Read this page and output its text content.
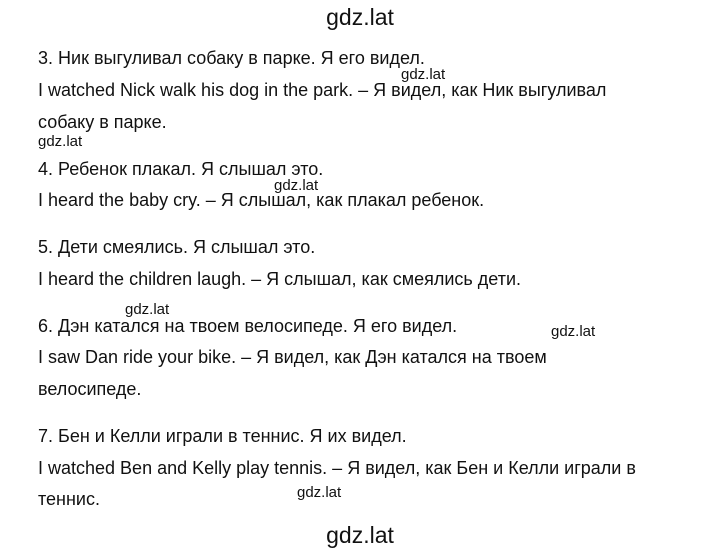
gdz.lat
3. Ник выгуливал собаку в парке. Я его видел.
I watched Nick walk his dog in the park. – Я видел, как Ник выгуливал
собаку в парке.
4. Ребенок плакал. Я слышал это.
I heard the baby cry. – Я слышал, как плакал ребенок.
5. Дети смеялись. Я слышал это.
I heard the children laugh. – Я слышал, как смеялись дети.
6. Дэн катался на твоем велосипеде. Я его видел.
I saw Dan ride your bike. – Я видел, как Дэн катался на твоем
велосипеде.
7. Бен и Келли играли в теннис. Я их видел.
I watched Ben and Kelly play tennis. – Я видел, как Бен и Келли играли в
теннис.
gdz.lat
gdz.lat
gdz.lat
gdz.lat
gdz.lat
gdz.lat
gdz.lat
